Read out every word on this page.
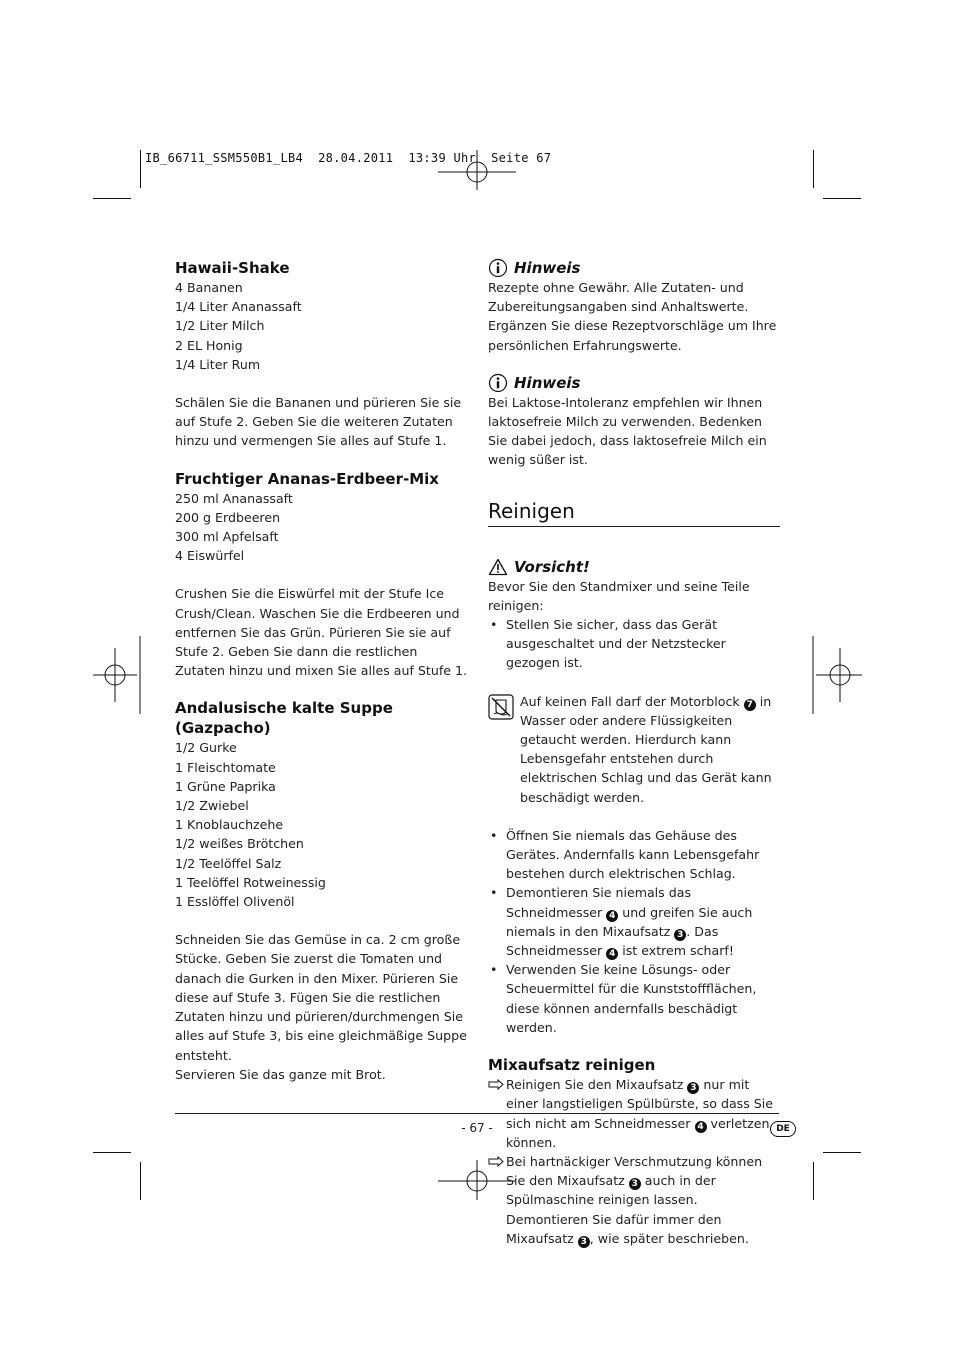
IB_66711_SSM550B1_LB4  28.04.2011  13:39 Uhr  Seite 67
Hawaii-Shake
4 Bananen
1/4 Liter Ananassaft
1/2 Liter Milch
2 EL Honig
1/4 Liter Rum

Schälen Sie die Bananen und pürieren Sie sie auf Stufe 2. Geben Sie die weiteren Zutaten hinzu und vermengen Sie alles auf Stufe 1.

Fruchtiger Ananas-Erdbeer-Mix
250 ml Ananassaft
200 g Erdbeeren
300 ml Apfelsaft
4 Eiswürfel

Crushen Sie die Eiswürfel mit der Stufe Ice Crush/Clean. Waschen Sie die Erdbeeren und entfernen Sie das Grün. Pürieren Sie sie auf Stufe 2. Geben Sie dann die restlichen Zutaten hinzu und mixen Sie alles auf Stufe 1.

Andalusische kalte Suppe (Gazpacho)
1/2 Gurke
1 Fleischtomate
1 Grüne Paprika
1/2 Zwiebel
1 Knoblauchzehe
1/2 weißes Brötchen
1/2 Teelöffel Salz
1 Teelöffel Rotweinessig
1 Esslöffel Olivenöl

Schneiden Sie das Gemüse in ca. 2 cm große Stücke. Geben Sie zuerst die Tomaten und danach die Gurken in den Mixer. Pürieren Sie diese auf Stufe 3. Fügen Sie die restlichen Zutaten hinzu und pürieren/durchmengen Sie alles auf Stufe 3, bis eine gleichmäßige Suppe entsteht.

Servieren Sie das ganze mit Brot.

Hinweis

Rezepte ohne Gewähr. Alle Zutaten- und Zubereitungsangaben sind Anhaltswerte. Ergänzen Sie diese Rezeptvorschläge um Ihre persönlichen Erfahrungswerte.

Hinweis

Bei Laktose-Intoleranz empfehlen wir Ihnen laktosefreie Milch zu verwenden. Bedenken Sie dabei jedoch, dass laktosefreie Milch ein wenig süßer ist.

Reinigen
Vorsicht!

Bevor Sie den Standmixer und seine Teile reinigen:

• Stellen Sie sicher, dass das Gerät ausgeschaltet und der Netzstecker gezogen ist.

Auf keinen Fall darf der Motorblock 7 in Wasser oder andere Flüssigkeiten getaucht werden. Hierdurch kann Lebensgefahr entstehen durch elektrischen Schlag und das Gerät kann beschädigt werden.

• Öffnen Sie niemals das Gehäuse des Gerätes. Andernfalls kann Lebensgefahr bestehen durch elektrischen Schlag.
• Demontieren Sie niemals das Schneidmesser 4 und greifen Sie auch niemals in den Mixaufsatz 3 . Das Schneidmesser 4 ist extrem scharf!
• Verwenden Sie keine Lösungs- oder Scheuermittel für die Kunststoffflächen, diese können andernfalls beschädigt werden.
Mixaufsatz reinigen
Reinigen Sie den Mixaufsatz 3 nur mit einer langstieligen Spülbürste, so dass Sie sich nicht am Schneidmesser 4 verletzen können.
Bei hartnäckiger Verschmutzung können Sie den Mixaufsatz 3 auch in der Spülmaschine reinigen lassen. Demontieren Sie dafür immer den Mixaufsatz 3 , wie später beschrieben.
- 67 -	DE
